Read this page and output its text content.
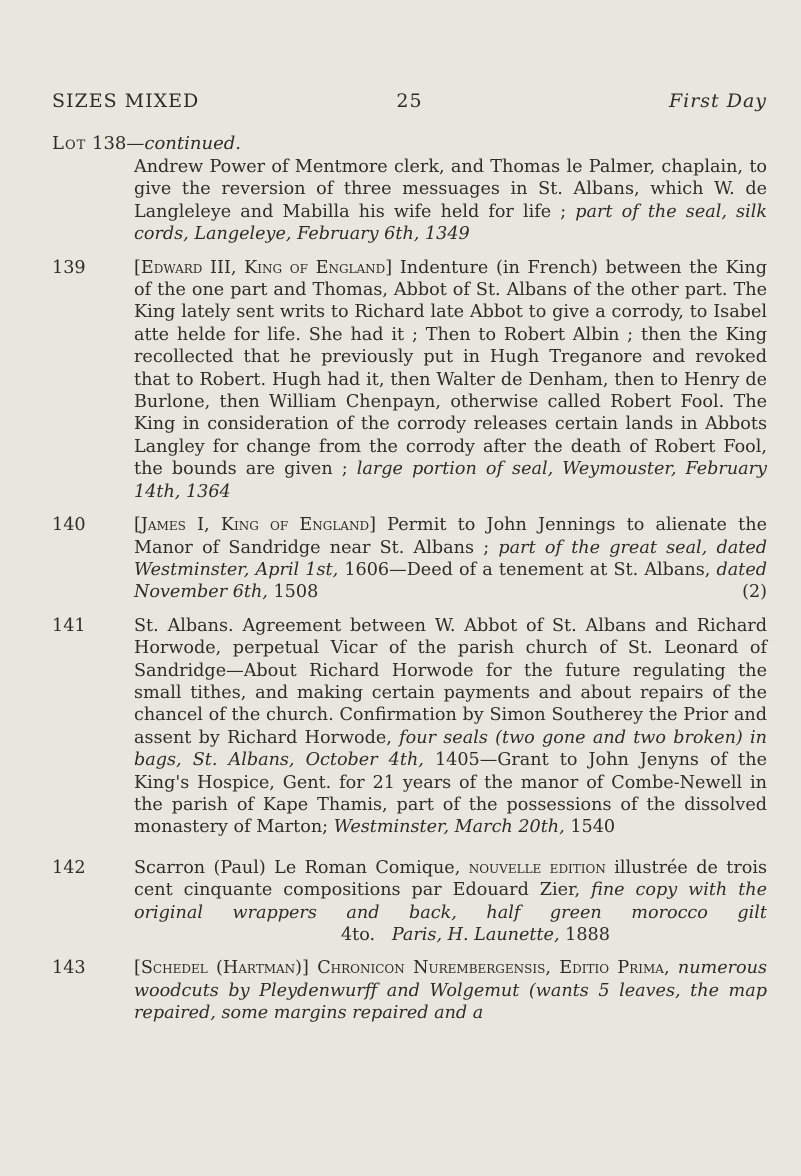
SIZES MIXED	25	First Day
Lot 138—continued.
Andrew Power of Mentmore clerk, and Thomas le Palmer, chaplain, to give the reversion of three messuages in St. Albans, which W. de Langleleye and Mabilla his wife held for life ; part of the seal, silk cords, Langeleye, February 6th, 1349
139	[Edward III, King of England] Indenture (in French) between the King of the one part and Thomas, Abbot of St. Albans of the other part. The King lately sent writs to Richard late Abbot to give a corrody, to Isabel atte helde for life. She had it ; Then to Robert Albin ; then the King recollected that he previously put in Hugh Treganore and revoked that to Robert. Hugh had it, then Walter de Denham, then to Henry de Burlone, then William Chenpayn, otherwise called Robert Fool. The King in consideration of the corrody releases certain lands in Abbots Langley for change from the corrody after the death of Robert Fool, the bounds are given ; large portion of seal, Weymouster, February 14th, 1364
140	[James I, King of England] Permit to John Jennings to alienate the Manor of Sandridge near St. Albans ; part of the great seal, dated Westminster, April 1st, 1606—Deed of a tenement at St. Albans, dated November 6th, 1508	(2)
141	St. Albans. Agreement between W. Abbot of St. Albans and Richard Horwode, perpetual Vicar of the parish church of St. Leonard of Sandridge—About Richard Horwode for the future regulating the small tithes, and making certain payments and about repairs of the chancel of the church. Confirmation by Simon Southerey the Prior and assent by Richard Horwode, four seals (two gone and two broken) in bags, St. Albans, October 4th, 1405—Grant to John Jenyns of the King's Hospice, Gent. for 21 years of the manor of Combe-Newell in the parish of Kape Thamis, part of the possessions of the dissolved monastery of Marton; Westminster, March 20th, 1540
142	Scarron (Paul) Le Roman Comique, nouvelle edition illustrée de trois cent cinquante compositions par Edouard Zier, fine copy with the original wrappers and back, half green morocco gilt                                      4to. Paris, H. Launette, 1888
143	[Schedel (Hartman)] Chronicon Nurembergensis, Editio Prima, numerous woodcuts by Pleydenwurff and Wolgemut (wants 5 leaves, the map repaired, some margins repaired and a
